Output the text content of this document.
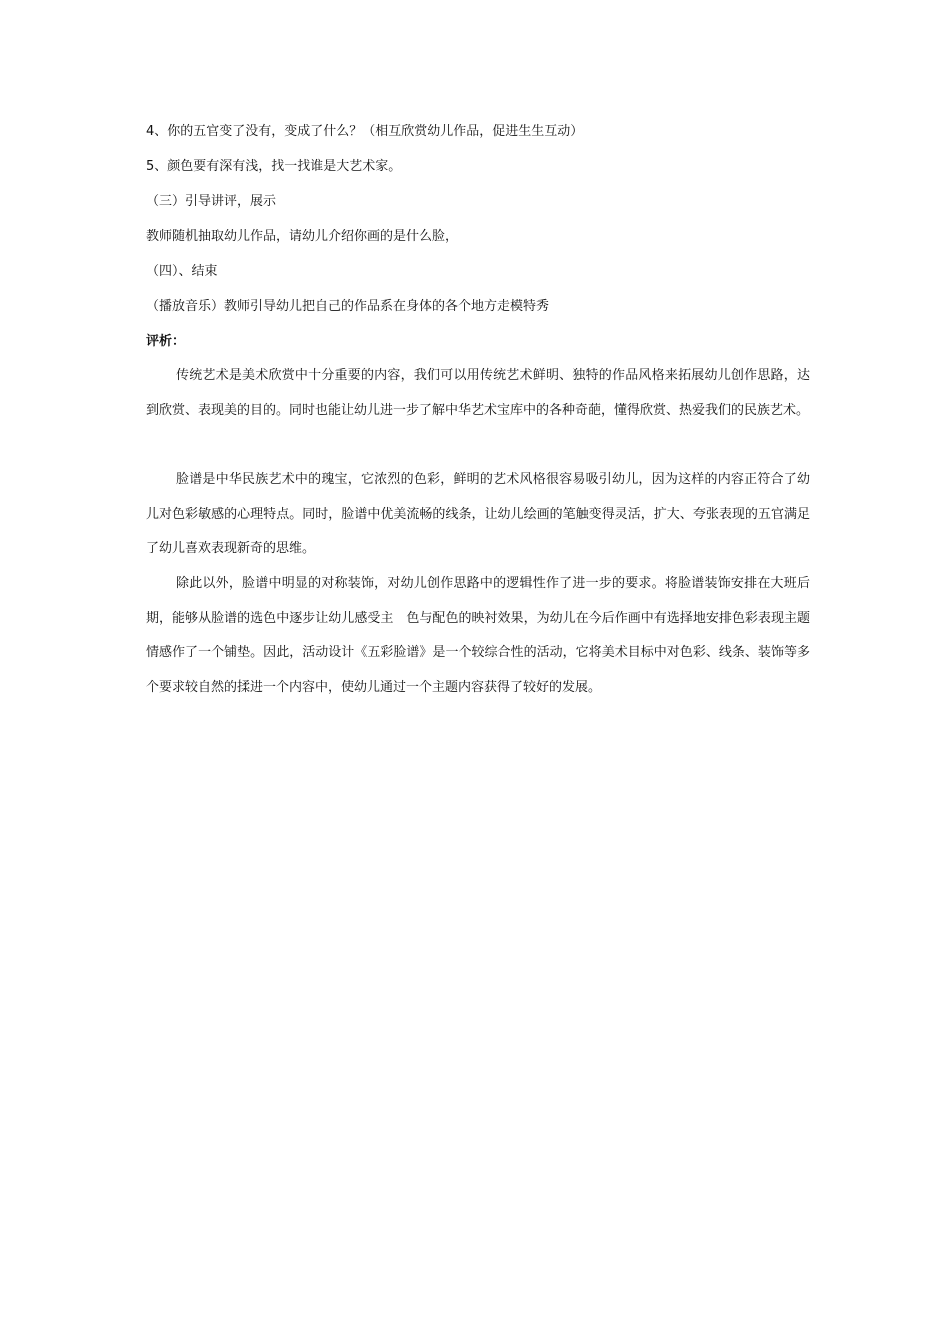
4、你的五官变了没有，变成了什么？（相互欣赏幼儿作品，促进生生互动）
5、颜色要有深有浅，找一找谁是大艺术家。
（三）引导讲评，展示
教师随机抽取幼儿作品，请幼儿介绍你画的是什么脸，
（四）、结束
（播放音乐）教师引导幼儿把自己的作品系在身体的各个地方走模特秀
评析：

传统艺术是美术欣赏中十分重要的内容，我们可以用传统艺术鲜明、独特的作品风格来拓展幼儿创作思路，达到欣赏、表现美的目的。同时也能让幼儿进一步了解中华艺术宝库中的各种奇葩，懂得欣赏、热爱我们的民族艺术。

脸谱是中华民族艺术中的瑰宝，它浓烈的色彩，鲜明的艺术风格很容易吸引幼儿，因为这样的内容正符合了幼儿对色彩敏感的心理特点。同时，脸谱中优美流畅的线条，让幼儿绘画的笔触变得灵活，扩大、夸张表现的五官满足了幼儿喜欢表现新奇的思维。

除此以外，脸谱中明显的对称装饰，对幼儿创作思路中的逻辑性作了进一步的要求。将脸谱装饰安排在大班后期，能够从脸谱的选色中逐步让幼儿感受主　色与配色的映衬效果，为幼儿在今后作画中有选择地安排色彩表现主题情感作了一个铺垫。因此，活动设计《五彩脸谱》是一个较综合性的活动，它将美术目标中对色彩、线条、装饰等多个要求较自然的揉进一个内容中，使幼儿通过一个主题内容获得了较好的发展。
